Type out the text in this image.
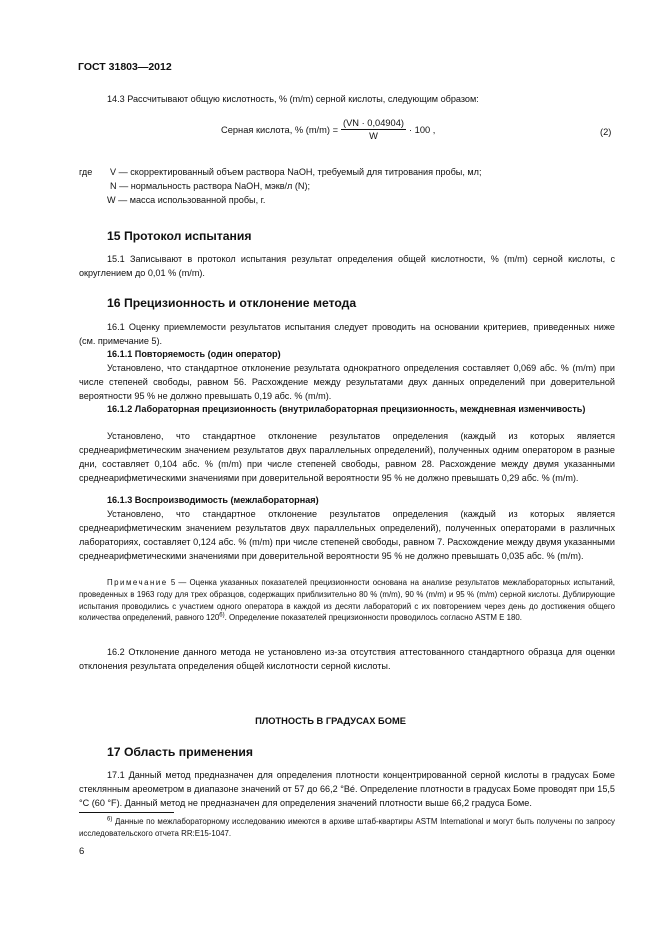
ГОСТ 31803—2012
14.3 Рассчитывают общую кислотность, % (m/m) серной кислоты, следующим образом:
Серная кислота, % $(m/m) = \frac{(VN \cdot 0,04904)}{W} \cdot 100$ ,	(2)
где V — скорректированный объем раствора NaOH, требуемый для титрования пробы, мл;
N — нормальность раствора NaOH, мэкв/л (N);
W — масса использованной пробы, г.
15 Протокол испытания
15.1 Записывают в протокол испытания результат определения общей кислотности, % (m/m) серной кислоты, с округлением до 0,01 % (m/m).
16 Прецизионность и отклонение метода
16.1 Оценку приемлемости результатов испытания следует проводить на основании критериев, приведенных ниже (см. примечание 5).
16.1.1 Повторяемость (один оператор)
Установлено, что стандартное отклонение результата однократного определения составляет 0,069 абс. % (m/m) при числе степеней свободы, равном 56. Расхождение между результатами двух данных определений при доверительной вероятности 95 % не должно превышать 0,19 абс. % (m/m).
16.1.2 Лабораторная прецизионность (внутрилабораторная прецизионность, междневная изменчивость)
Установлено, что стандартное отклонение результатов определения (каждый из которых является среднеарифметическим значением результатов двух параллельных определений), полученных одним оператором в разные дни, составляет 0,104 абс. % (m/m) при числе степеней свободы, равном 28. Расхождение между двумя указанными среднеарифметическими значениями при доверительной вероятности 95 % не должно превышать 0,29 абс. % (m/m).
16.1.3 Воспроизводимость (межлабораторная)
Установлено, что стандартное отклонение результатов определения (каждый из которых является среднеарифметическим значением результатов двух параллельных определений), полученных операторами в различных лабораториях, составляет 0,124 абс. % (m/m) при числе степеней свободы, равном 7. Расхождение между двумя указанными среднеарифметическими значениями при доверительной вероятности 95 % не должно превышать 0,035 абс. % (m/m).
Примечание 5 — Оценка указанных показателей прецизионности основана на анализе результатов межлабораторных испытаний, проведенных в 1963 году для трех образцов, содержащих приблизительно 80 % (m/m), 90 % (m/m) и 95 % (m/m) серной кислоты. Дублирующие испытания проводились с участием одного оператора в каждой из десяти лабораторий с их повторением через день до достижения общего количества определений, равного 120$^{6)}$. Определение показателей прецизионности проводилось согласно ASTM E 180.
16.2 Отклонение данного метода не установлено из-за отсутствия аттестованного стандартного образца для оценки отклонения результата определения общей кислотности серной кислоты.
ПЛОТНОСТЬ В ГРАДУСАХ БОМЕ
17 Область применения
17.1 Данный метод предназначен для определения плотности концентрированной серной кислоты в градусах Боме стеклянным ареометром в диапазоне значений от 57 до 66,2 °Bé. Определение плотности в градусах Боме проводят при 15,5 °С (60 °F). Данный метод не предназначен для определения значений плотности выше 66,2 градуса Боме.
$^{6)}$ Данные по межлабораторному исследованию имеются в архиве штаб-квартиры ASTM International и могут быть получены по запросу исследовательского отчета RR:E15-1047.
6
